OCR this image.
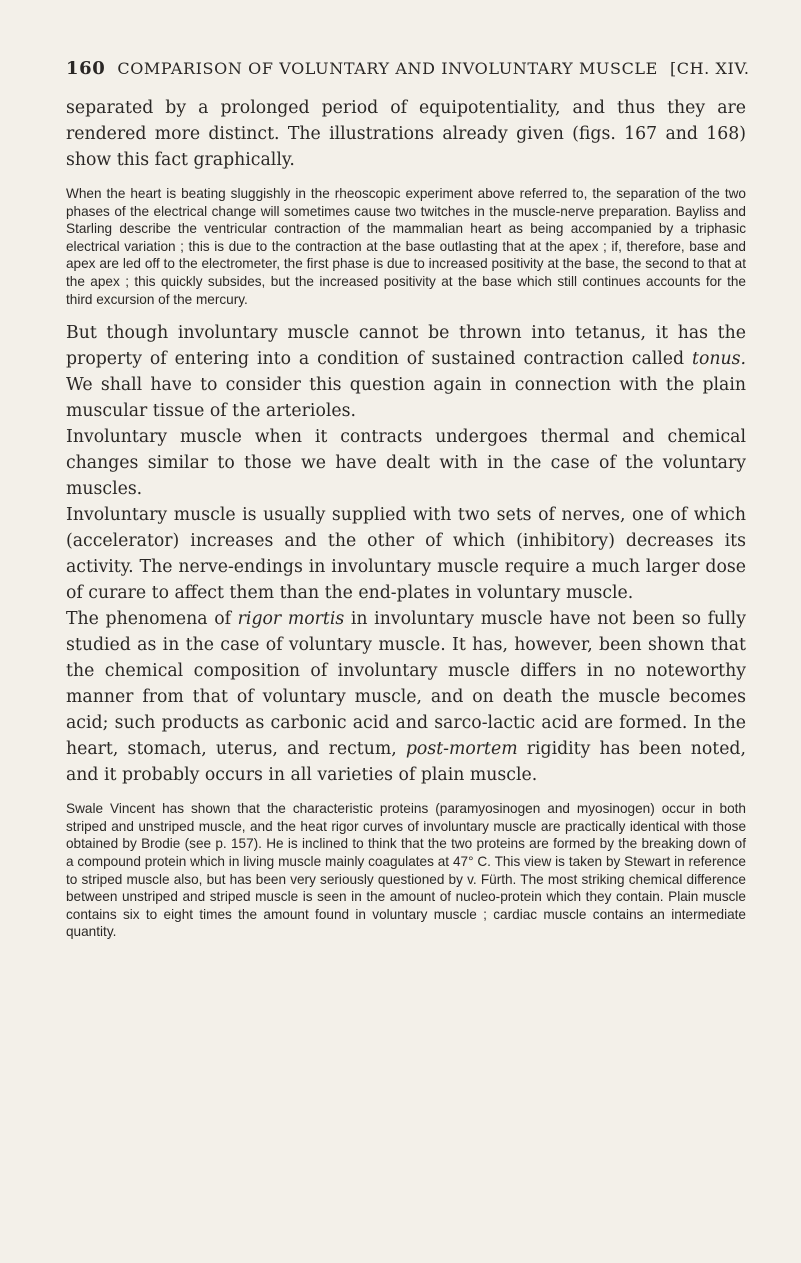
160 COMPARISON OF VOLUNTARY AND INVOLUNTARY MUSCLE [CH. XIV.

separated by a prolonged period of equipotentiality, and thus they are rendered more distinct. The illustrations already given (figs. 167 and 168) show this fact graphically.

When the heart is beating sluggishly in the rheoscopic experiment above referred to, the separation of the two phases of the electrical change will sometimes cause two twitches in the muscle-nerve preparation. Bayliss and Starling describe the ventricular contraction of the mammalian heart as being accompanied by a triphasic electrical variation ; this is due to the contraction at the base outlasting that at the apex ; if, therefore, base and apex are led off to the electrometer, the first phase is due to increased positivity at the base, the second to that at the apex ; this quickly subsides, but the increased positivity at the base which still continues accounts for the third excursion of the mercury.

But though involuntary muscle cannot be thrown into tetanus, it has the property of entering into a condition of sustained contraction called tonus. We shall have to consider this question again in connection with the plain muscular tissue of the arterioles.

Involuntary muscle when it contracts undergoes thermal and chemical changes similar to those we have dealt with in the case of the voluntary muscles.

Involuntary muscle is usually supplied with two sets of nerves, one of which (accelerator) increases and the other of which (inhibitory) decreases its activity. The nerve-endings in involuntary muscle require a much larger dose of curare to affect them than the end-plates in voluntary muscle.

The phenomena of rigor mortis in involuntary muscle have not been so fully studied as in the case of voluntary muscle. It has, however, been shown that the chemical composition of involuntary muscle differs in no noteworthy manner from that of voluntary muscle, and on death the muscle becomes acid; such products as carbonic acid and sarco-lactic acid are formed. In the heart, stomach, uterus, and rectum, post-mortem rigidity has been noted, and it probably occurs in all varieties of plain muscle.

Swale Vincent has shown that the characteristic proteins (paramyosinogen and myosinogen) occur in both striped and unstriped muscle, and the heat rigor curves of involuntary muscle are practically identical with those obtained by Brodie (see p. 157). He is inclined to think that the two proteins are formed by the breaking down of a compound protein which in living muscle mainly coagulates at 47° C. This view is taken by Stewart in reference to striped muscle also, but has been very seriously questioned by v. Fürth. The most striking chemical difference between unstriped and striped muscle is seen in the amount of nucleo-protein which they contain. Plain muscle contains six to eight times the amount found in voluntary muscle ; cardiac muscle contains an intermediate quantity.
